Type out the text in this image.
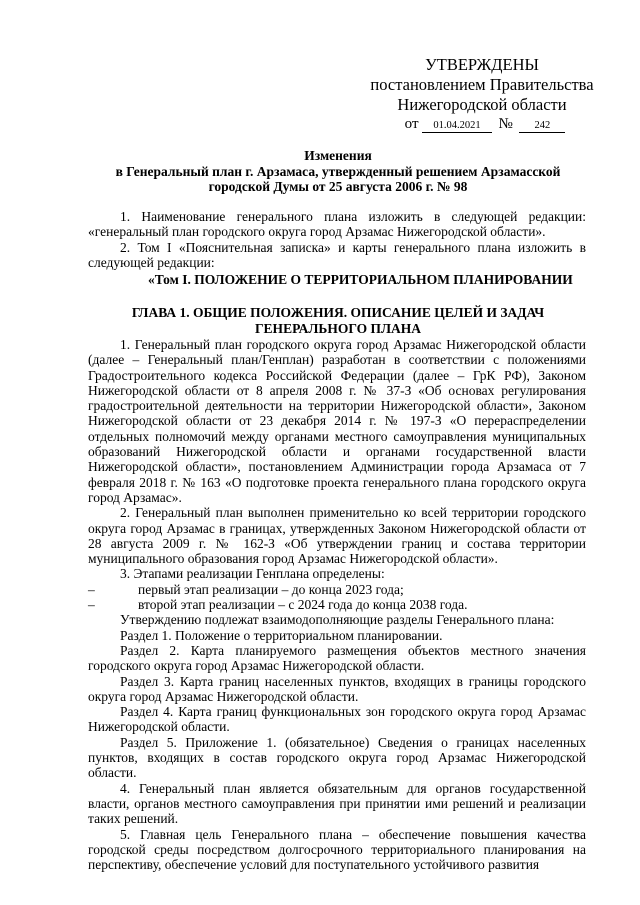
УТВЕРЖДЕНЫ
постановлением Правительства
Нижегородской области
от 01.04.2021 № 242
Изменения
в Генеральный план г. Арзамаса, утвержденный решением Арзамасской
городской Думы от 25 августа 2006 г. № 98

1. Наименование генерального плана изложить в следующей редакции: «генеральный план городского округа город Арзамас Нижегородской области».

2. Том I «Пояснительная записка» и карты генерального плана изложить в следующей редакции:

«Том I. ПОЛОЖЕНИЕ О ТЕРРИТОРИАЛЬНОМ ПЛАНИРОВАНИИ
ГЛАВА 1. ОБЩИЕ ПОЛОЖЕНИЯ. ОПИСАНИЕ ЦЕЛЕЙ И ЗАДАЧ
ГЕНЕРАЛЬНОГО ПЛАНА

1. Генеральный план городского округа город Арзамас Нижегородской области (далее – Генеральный план/Генплан) разработан в соответствии с положениями Градостроительного кодекса Российской Федерации (далее – ГрК РФ), Законом Нижегородской области от 8 апреля 2008 г. № 37-З «Об основах регулирования градостроительной деятельности на территории Нижегородской области», Законом Нижегородской области от 23 декабря 2014 г. № 197-З «О перераспределении отдельных полномочий между органами местного самоуправления муниципальных образований Нижегородской области и органами государственной власти Нижегородской области», постановлением Администрации города Арзамаса от 7 февраля 2018 г. № 163 «О подготовке проекта генерального плана городского округа город Арзамас».

2. Генеральный план выполнен применительно ко всей территории городского округа город Арзамас в границах, утвержденных Законом Нижегородской области от 28 августа 2009 г. № 162-З «Об утверждении границ и состава территории муниципального образования город Арзамас Нижегородской области».

3. Этапами реализации Генплана определены:

–	первый этап реализации – до конца 2023 года;
–	второй этап реализации – с 2024 года до конца 2038 года.

Утверждению подлежат взаимодополняющие разделы Генерального плана:

Раздел 1. Положение о территориальном планировании.

Раздел 2. Карта планируемого размещения объектов местного значения городского округа город Арзамас Нижегородской области.

Раздел 3. Карта границ населенных пунктов, входящих в границы городского округа город Арзамас Нижегородской области.

Раздел 4. Карта границ функциональных зон городского округа город Арзамас Нижегородской области.

Раздел 5. Приложение 1. (обязательное) Сведения о границах населенных пунктов, входящих в состав городского округа город Арзамас Нижегородской области.

4. Генеральный план является обязательным для органов государственной власти, органов местного самоуправления при принятии ими решений и реализации таких решений.

5. Главная цель Генерального плана – обеспечение повышения качества городской среды посредством долгосрочного территориального планирования на перспективу, обеспечение условий для поступательного устойчивого развития
